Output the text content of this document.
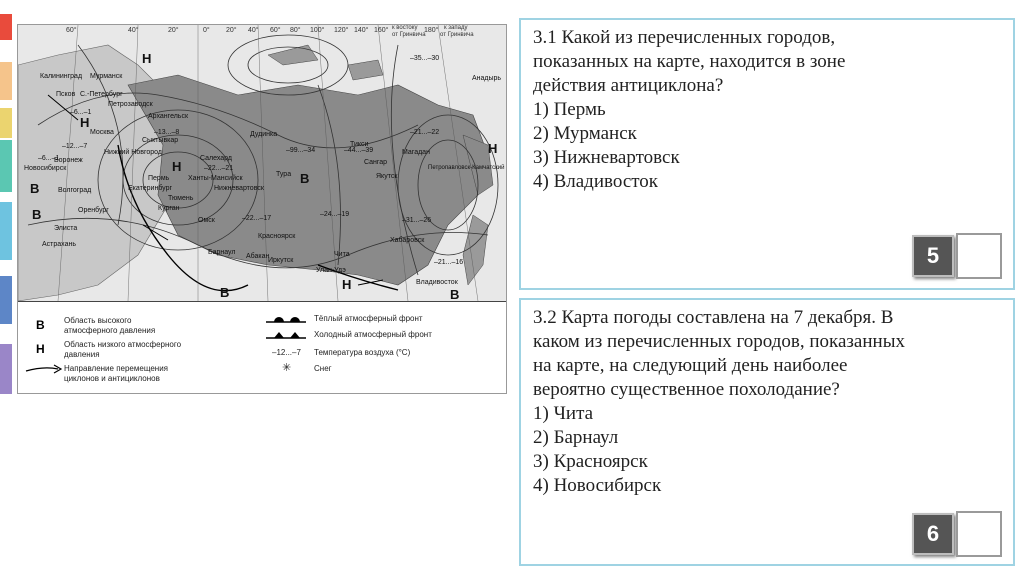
60°	40°	20°	0° 20° 40° 60° 80° 100° 120° 140° 160° к востоку
от Гринвича
180° к западу
от Гринвича
Калининград Мурманск
Псков С.-Петербург
Петрозаводск
Архангельск
Москва
Сыктывкар
Нижний Новгород
Пермь
Екатеринбург
Новосибирск
Воронеж
Волгоград
Элиста
Оренбург
Астрахань
Тюмень
Курган
Омск
Салехард
Ханты-Мансийск
Нижневартовск
Дудинка
Тура
Красноярск
Барнаул
Абакан
Иркутск
Чита
Улан-Удэ
Тикси
Сангар
Якутск
Магадан
Петропавловск-Камчатский
Хабаровск
Владивосток
Анадырь
Н
В
Н
В
В
Н
В
Н
В
Н
–35...–30
–21...–22
–12...–7
–6...–1
–13...–8
–22...–21
–99...–34	–44...–39
–22...–17
–24...–19
–31...–26
–21...–16
–6...–1
В Область высокого атмосферного давления
Н Область низкого атмосферного давления
Направление перемещения циклонов и антициклонов
Тёплый атмосферный фронт
Холодный атмосферный фронт
–12...–7 Температура воздуха (°С)
✳	Снег
3.1 Какой из перечисленных городов,
показанных на карте, находится в зоне
действия антициклона?
1) Пермь
2) Мурманск
3) Нижневартовск
4) Владивосток
5
3.2 Карта погоды составлена на 7 декабря. В
каком из перечисленных городов, показанных
на карте, на следующий день наиболее
вероятно существенное похолодание?
1) Чита
2) Барнаул
3) Красноярск
4) Новосибирск
6
